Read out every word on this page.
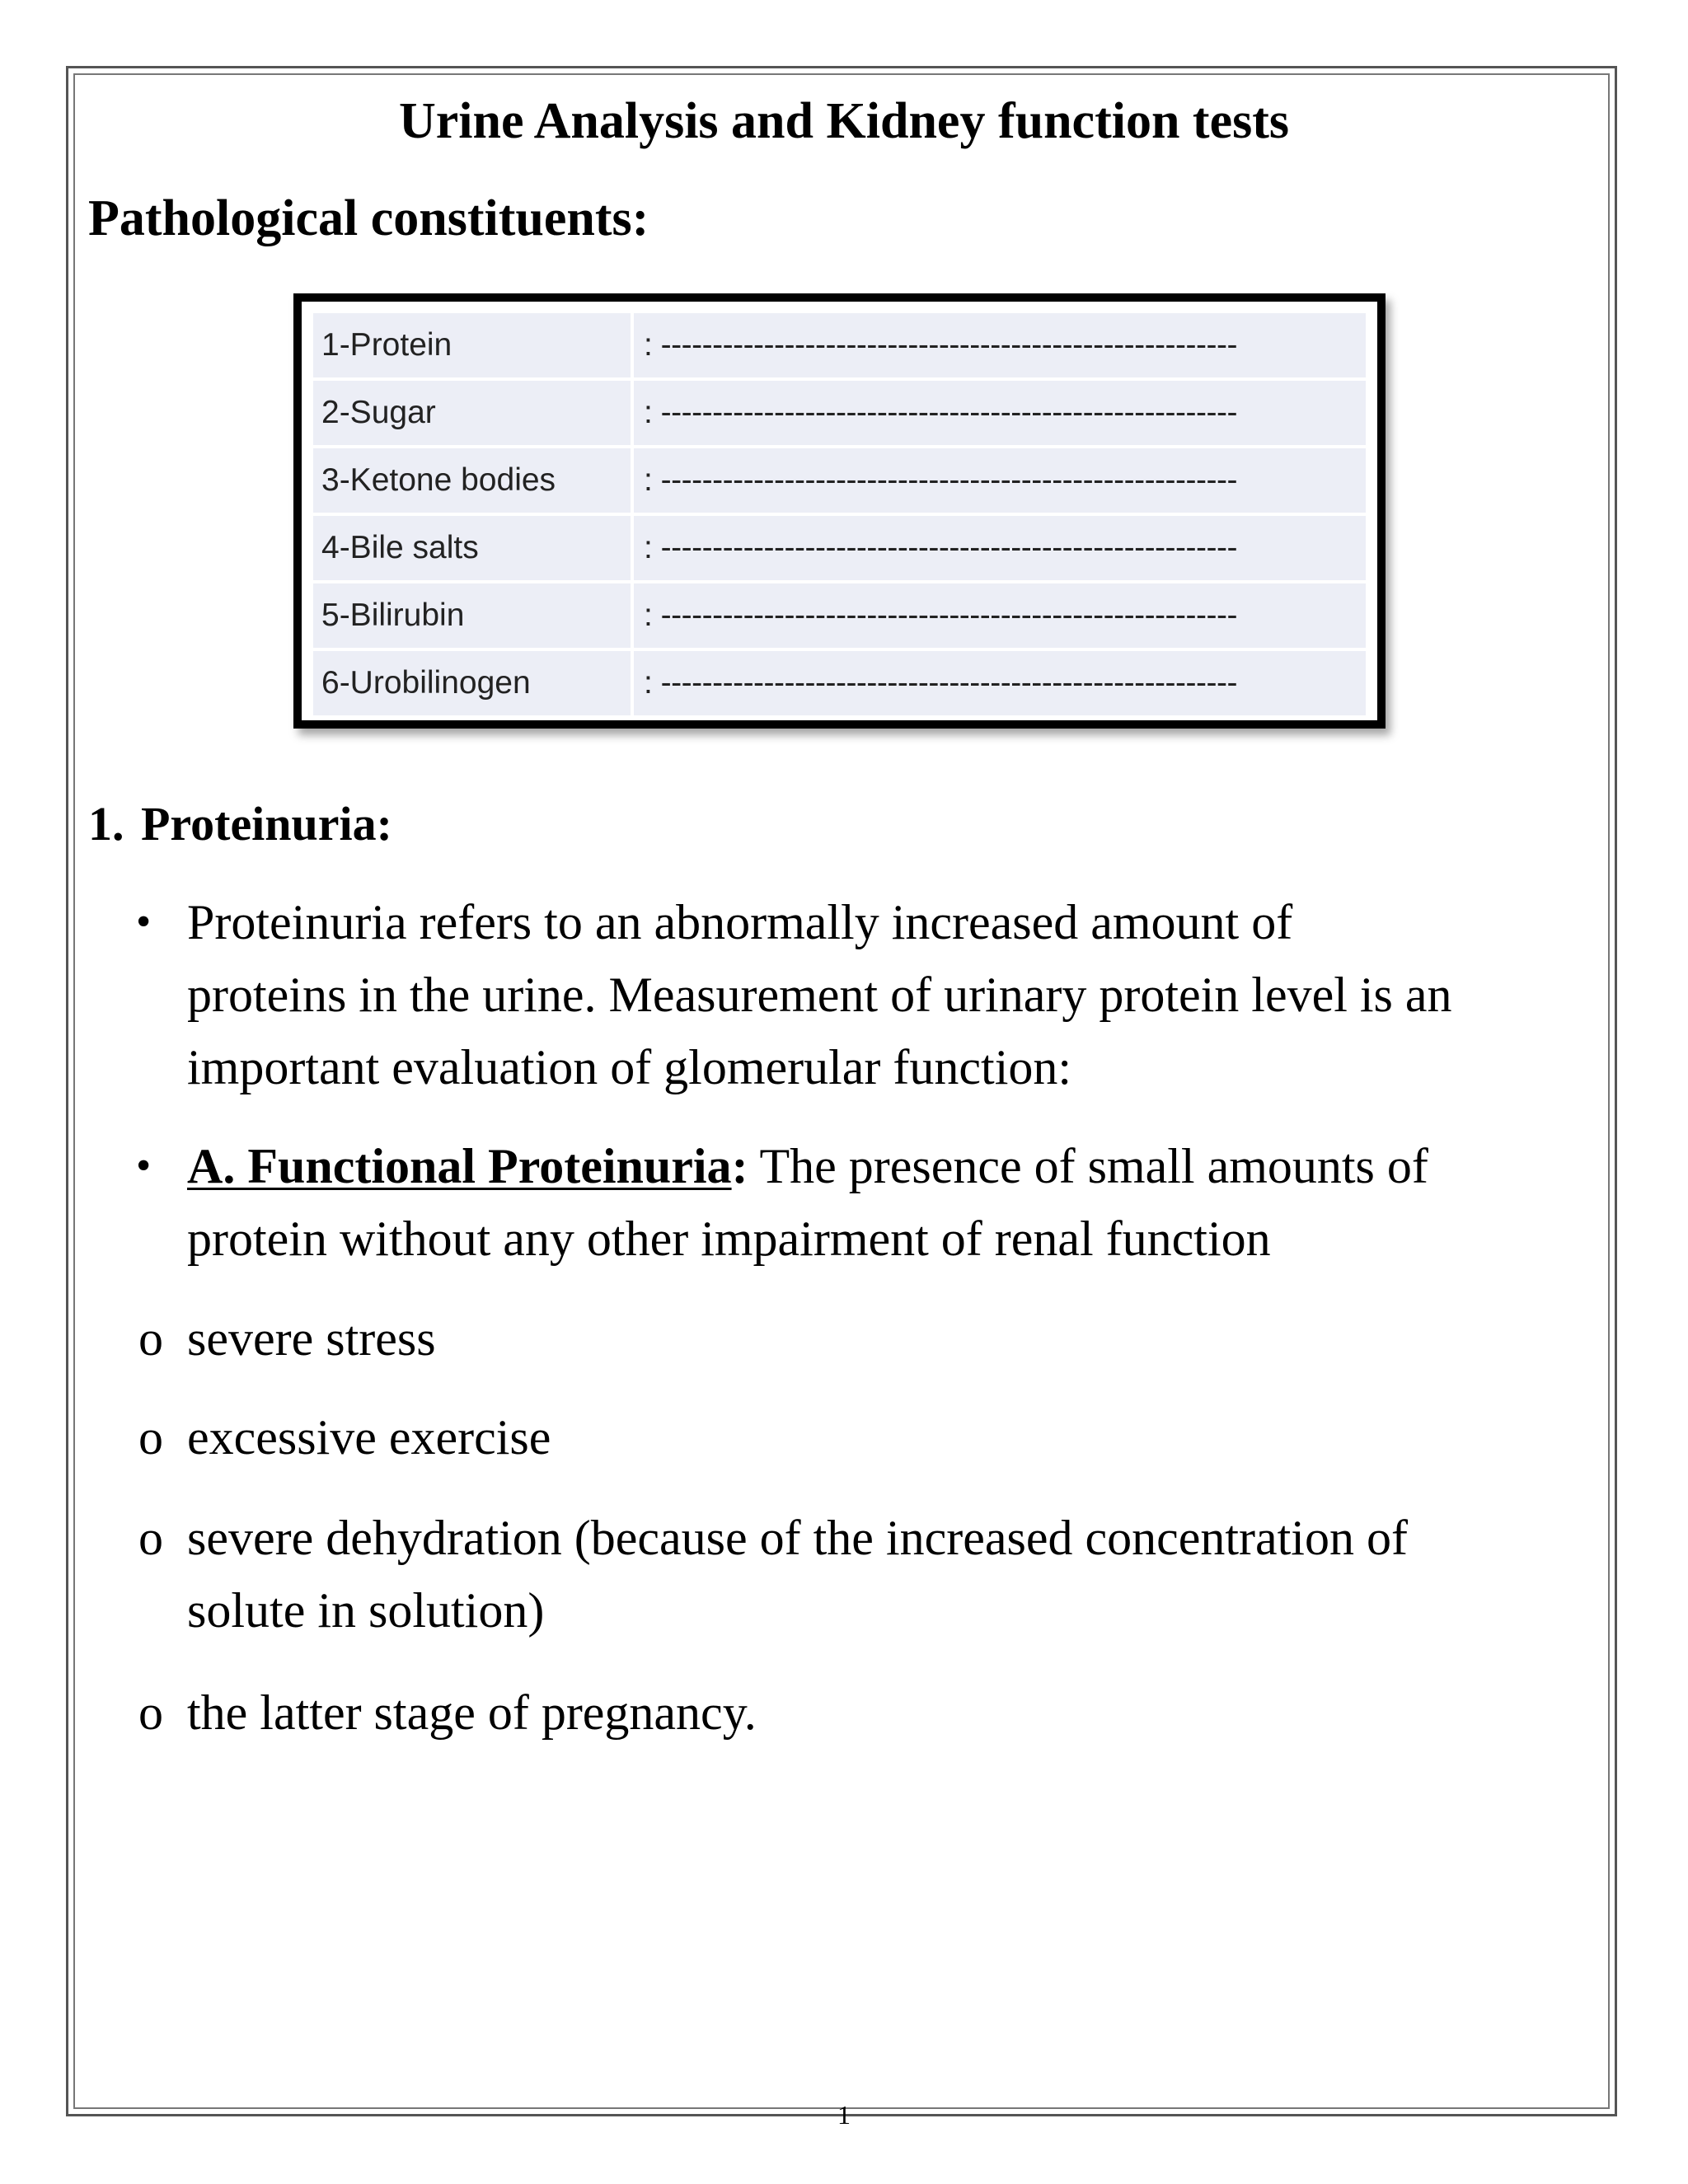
Urine Analysis and Kidney function tests
Pathological constituents:
1-Protein	: --------------------------------------------------------
2-Sugar	: --------------------------------------------------------
3-Ketone bodies	: --------------------------------------------------------
4-Bile salts	: --------------------------------------------------------
5-Bilirubin	: --------------------------------------------------------
6-Urobilinogen	: --------------------------------------------------------
1. Proteinuria:
• Proteinuria refers to an abnormally increased amount of
proteins in the urine. Measurement of urinary protein level is an
important evaluation of glomerular function:
• A. Functional Proteinuria: The presence of small amounts of
protein without any other impairment of renal function
o severe stress
o excessive exercise
o severe dehydration (because of the increased concentration of
solute in solution)
o the latter stage of pregnancy.
1
